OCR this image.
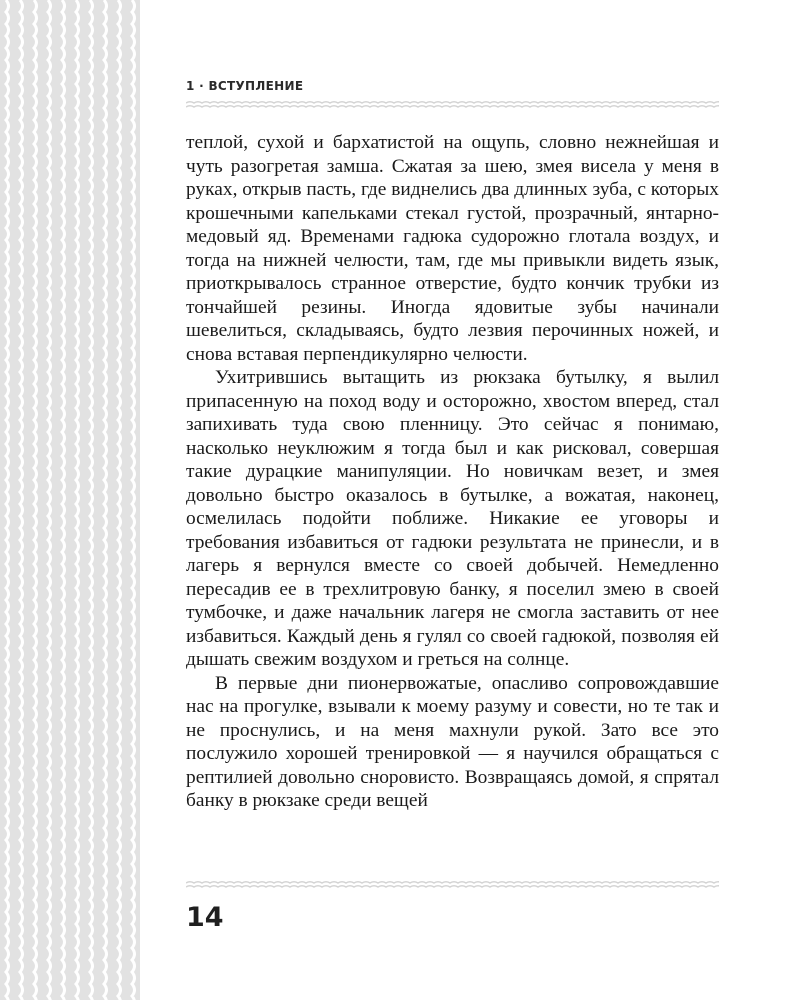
1 · ВСТУПЛЕНИЕ

теплой, сухой и бархатистой на ощупь, словно нежнейшая и чуть разогретая замша. Сжатая за шею, змея висела у меня в руках, открыв пасть, где виднелись два длинных зуба, с которых крошечными капельками стекал густой, прозрачный, янтарно-медовый яд. Временами гадюка судорожно глотала воздух, и тогда на нижней челюсти, там, где мы привыкли видеть язык, приоткрывалось странное отверстие, будто кончик трубки из тончайшей резины. Иногда ядовитые зубы начинали шевелиться, складываясь, будто лезвия перочинных ножей, и снова вставая перпендикулярно челюсти.

Ухитрившись вытащить из рюкзака бутылку, я вылил припасенную на поход воду и осторожно, хвостом вперед, стал запихивать туда свою пленницу. Это сейчас я понимаю, насколько неуклюжим я тогда был и как рисковал, совершая такие дурацкие манипуляции. Но новичкам везет, и змея довольно быстро оказалось в бутылке, а вожатая, наконец, осмелилась подойти поближе. Никакие ее уговоры и требования избавиться от гадюки результата не принесли, и в лагерь я вернулся вместе со своей добычей. Немедленно пересадив ее в трехлитровую банку, я поселил змею в своей тумбочке, и даже начальник лагеря не смогла заставить от нее избавиться. Каждый день я гулял со своей гадюкой, позволяя ей дышать свежим воздухом и греться на солнце.

В первые дни пионервожатые, опасливо сопровождавшие нас на прогулке, взывали к моему разуму и совести, но те так и не проснулись, и на меня махнули рукой. Зато все это послужило хорошей тренировкой — я научился обращаться с рептилией довольно сноровисто. Возвращаясь домой, я спрятал банку в рюкзаке среди вещей

14
